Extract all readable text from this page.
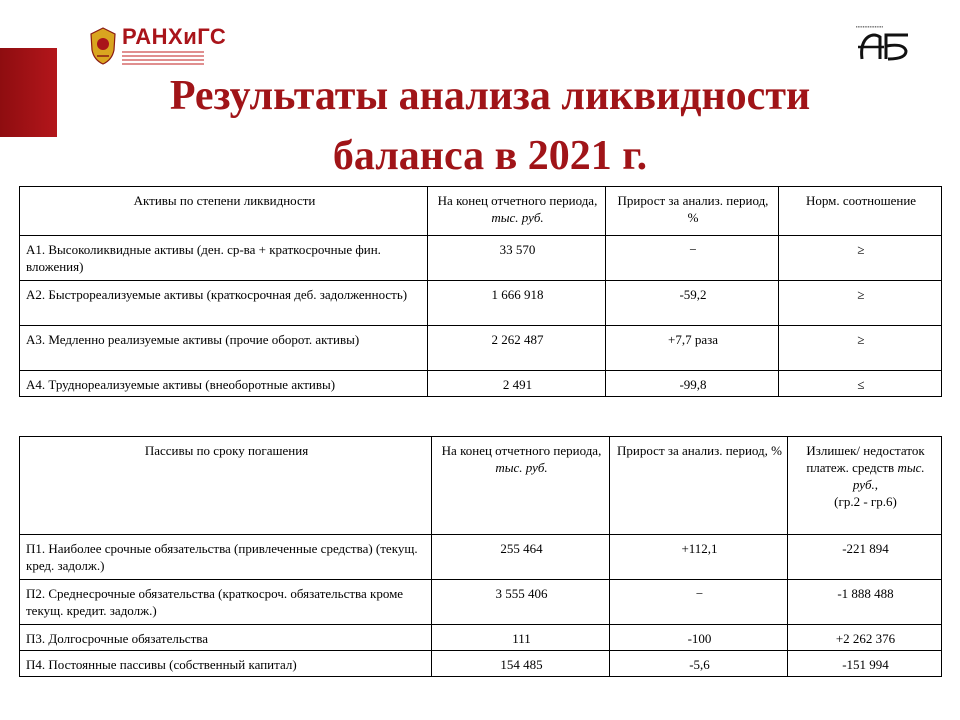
РАНХиГС	▪▪▪▪▪▪▪▪▪▪▪▪▪▪▪▪
Результаты анализа ликвидности
баланса в 2021 г.
Активы по степени ликвидности	На конец отчетного периода, тыс. руб.	Прирост за анализ. период, %	Норм. соотношение
А1. Высоколиквидные активы (ден. ср-ва + краткосрочные фин. вложения)	33 570	−	≥
А2. Быстрореализуемые активы (краткосрочная деб. задолженность)	1 666 918	-59,2	≥
А3. Медленно реализуемые активы (прочие оборот. активы)	2 262 487	+7,7 раза	≥
А4. Труднореализуемые активы (внеоборотные активы)	2 491	-99,8	≤
Пассивы по сроку погашения	На конец отчетного периода, тыс. руб.	Прирост за анализ. период, %	Излишек/ недостаток платеж. средств тыс. руб.,
(гр.2 - гр.6)
П1. Наиболее срочные обязательства (привлеченные средства) (текущ. кред. задолж.)	255 464	+112,1	-221 894
П2. Среднесрочные обязательства (краткосроч. обязательства кроме текущ. кредит. задолж.)	3 555 406	−	-1 888 488
П3. Долгосрочные обязательства	111	-100	+2 262 376
П4. Постоянные пассивы (собственный капитал)	154 485	-5,6	-151 994
